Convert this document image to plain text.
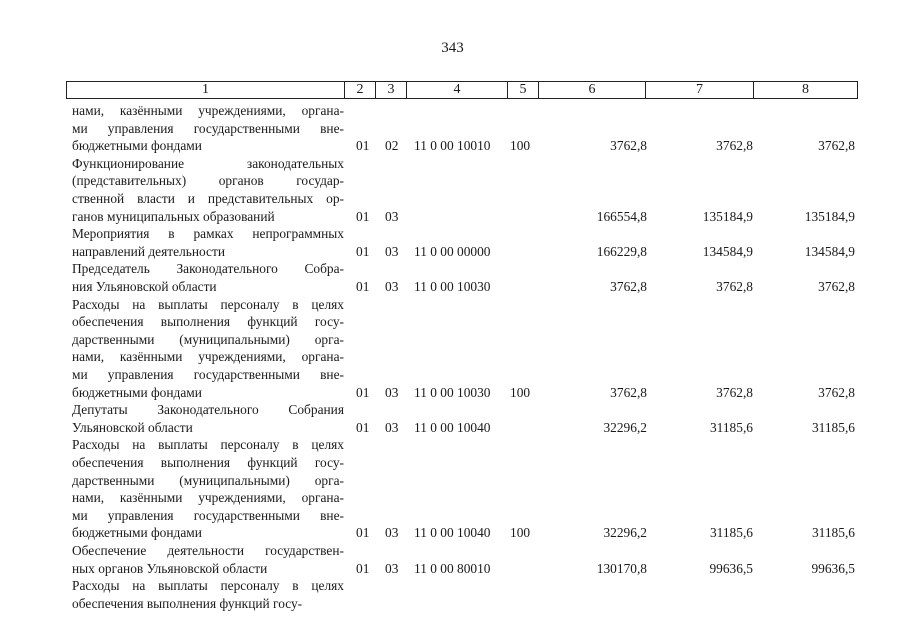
343
1	2	3	4	5	6	7	8
нами, казёнными учреждениями, органа-
ми управления государственными вне-
бюджетными фондами	01 02 11 0 00 10010 100	3762,8	3762,8	3762,8
Функционирование законодательных
(представительных) органов государ-
ственной власти и представительных ор-
ганов муниципальных образований	01 03	166554,8	135184,9	135184,9
Мероприятия в рамках непрограммных
направлений деятельности	01 03 11 0 00 00000	166229,8	134584,9	134584,9
Председатель Законодательного Собра-
ния Ульяновской области	01 03 11 0 00 10030	3762,8	3762,8	3762,8
Расходы на выплаты персоналу в целях
обеспечения выполнения функций госу-
дарственными (муниципальными) орга-
нами, казёнными учреждениями, органа-
ми управления государственными вне-
бюджетными фондами	01 03 11 0 00 10030 100	3762,8	3762,8	3762,8
Депутаты Законодательного Собрания
Ульяновской области	01 03 11 0 00 10040	32296,2	31185,6	31185,6
Расходы на выплаты персоналу в целях
обеспечения выполнения функций госу-
дарственными (муниципальными) орга-
нами, казёнными учреждениями, органа-
ми управления государственными вне-
бюджетными фондами	01 03 11 0 00 10040 100	32296,2	31185,6	31185,6
Обеспечение деятельности государствен-
ных органов Ульяновской области	01 03 11 0 00 80010	130170,8	99636,5	99636,5
Расходы на выплаты персоналу в целях
обеспечения выполнения функций госу-
